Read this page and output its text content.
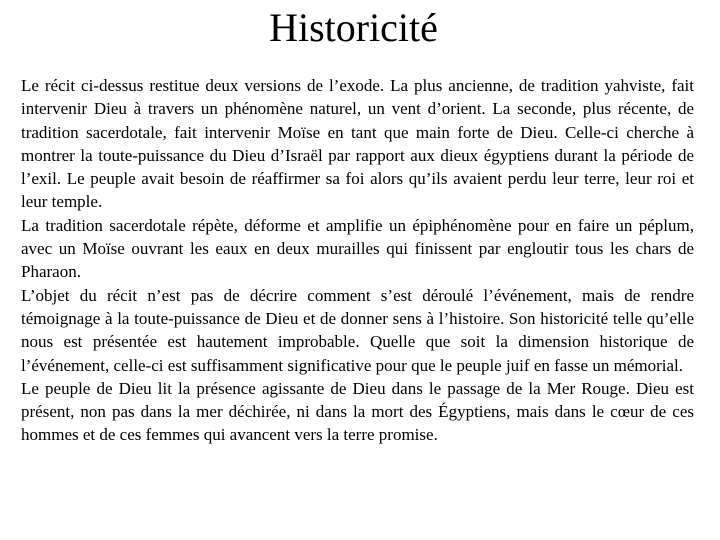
Historicité

Le récit ci-dessus restitue deux versions de l’exode. La plus ancienne, de tradition yahviste, fait intervenir Dieu à travers un phénomène naturel, un vent d’orient. La seconde, plus récente, de tradition sacerdotale, fait intervenir Moïse en tant que main forte de Dieu. Celle-ci cherche à montrer la toute-puissance du Dieu d’Israël par rapport aux dieux égyptiens durant la période de l’exil. Le peuple avait besoin de réaffirmer sa foi alors qu’ils avaient perdu leur terre, leur roi et leur temple.

La tradition sacerdotale répète, déforme et amplifie un épiphénomène pour en faire un péplum, avec un Moïse ouvrant les eaux en deux murailles qui finissent par engloutir tous les chars de Pharaon.

L’objet du récit n’est pas de décrire comment s’est déroulé l’événement, mais de rendre témoignage à la toute-puissance de Dieu et de donner sens à l’histoire. Son historicité telle qu’elle nous est présentée est hautement improbable. Quelle que soit la dimension historique de l’événement, celle-ci est suffisamment significative pour que le peuple juif en fasse un mémorial.

Le peuple de Dieu lit la présence agissante de Dieu dans le passage de la Mer Rouge. Dieu est présent, non pas dans la mer déchirée, ni dans la mort des Égyptiens, mais dans le cœur de ces hommes et de ces femmes qui avancent vers la terre promise.
